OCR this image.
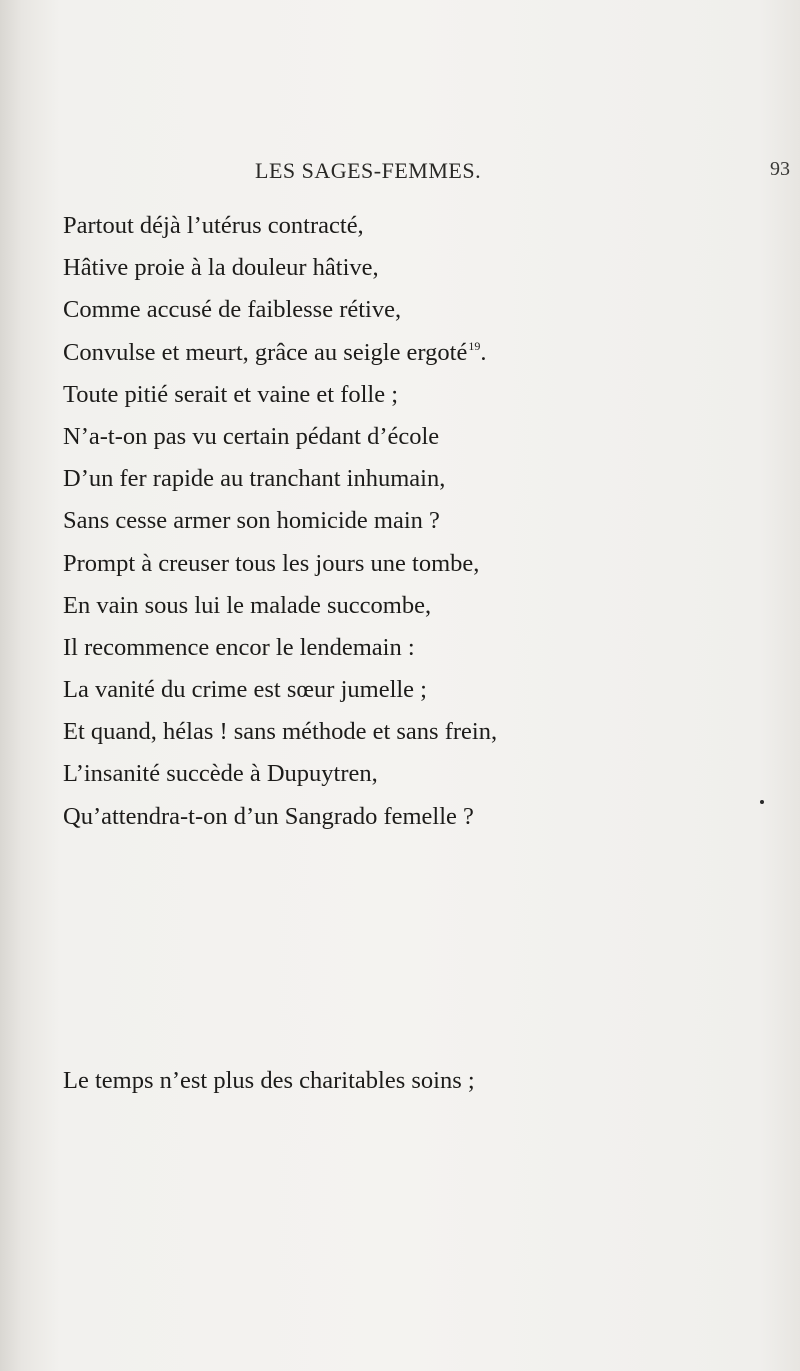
LES SAGES-FEMMES.	93
Partout déjà l’utérus contracté,
Hâtive proie à la douleur hâtive,
Comme accusé de faiblesse rétive,
Convulse et meurt, grâce au seigle ergoté$^{19}$.
Toute pitié serait et vaine et folle ;
N’a-t-on pas vu certain pédant d’école
D’un fer rapide au tranchant inhumain,
Sans cesse armer son homicide main ?
Prompt à creuser tous les jours une tombe,
En vain sous lui le malade succombe,
Il recommence encor le lendemain :
La vanité du crime est sœur jumelle ;
Et quand, hélas ! sans méthode et sans frein,
L’insanité succède à Dupuytren,
Qu’attendra-t-on d’un Sangrado femelle ?
Le temps n’est plus des charitables soins ;
